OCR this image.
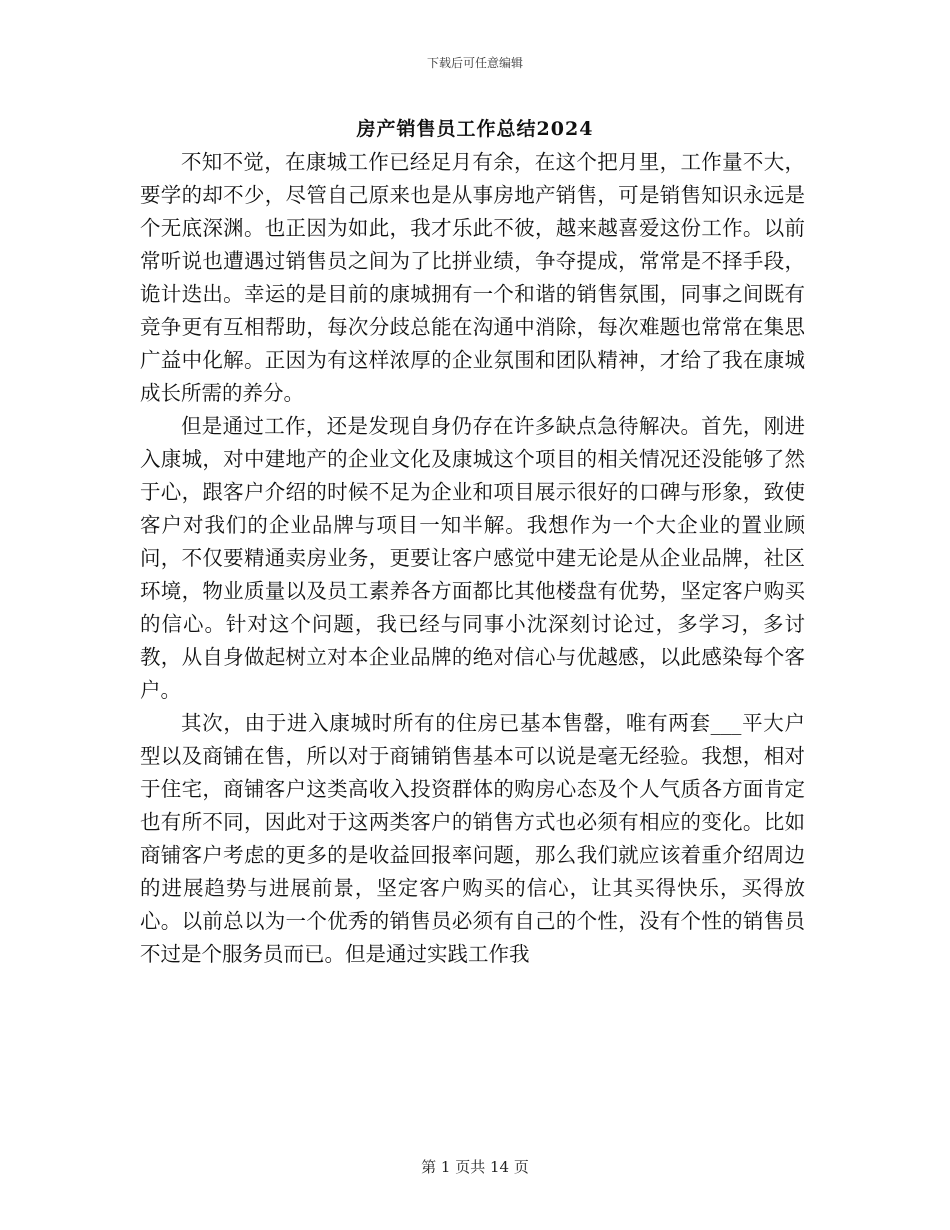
下载后可任意编辑
房产销售员工作总结2024

不知不觉，在康城工作已经足月有余，在这个把月里，工作量不大，要学的却不少，尽管自己原来也是从事房地产销售，可是销售知识永远是个无底深渊。也正因为如此，我才乐此不彼，越来越喜爱这份工作。以前常听说也遭遇过销售员之间为了比拼业绩，争夺提成，常常是不择手段，诡计迭出。幸运的是目前的康城拥有一个和谐的销售氛围，同事之间既有竞争更有互相帮助，每次分歧总能在沟通中消除，每次难题也常常在集思广益中化解。正因为有这样浓厚的企业氛围和团队精神，才给了我在康城成长所需的养分。

但是通过工作，还是发现自身仍存在许多缺点急待解决。首先，刚进入康城，对中建地产的企业文化及康城这个项目的相关情况还没能够了然于心，跟客户介绍的时候不足为企业和项目展示很好的口碑与形象，致使客户对我们的企业品牌与项目一知半解。我想作为一个大企业的置业顾问，不仅要精通卖房业务，更要让客户感觉中建无论是从企业品牌，社区环境，物业质量以及员工素养各方面都比其他楼盘有优势，坚定客户购买的信心。针对这个问题，我已经与同事小沈深刻讨论过，多学习，多讨教，从自身做起树立对本企业品牌的绝对信心与优越感，以此感染每个客户。

其次，由于进入康城时所有的住房已基本售罄，唯有两套___平大户型以及商铺在售，所以对于商铺销售基本可以说是毫无经验。我想，相对于住宅，商铺客户这类高收入投资群体的购房心态及个人气质各方面肯定也有所不同，因此对于这两类客户的销售方式也必须有相应的变化。比如商铺客户考虑的更多的是收益回报率问题，那么我们就应该着重介绍周边的进展趋势与进展前景，坚定客户购买的信心，让其买得快乐，买得放心。以前总以为一个优秀的销售员必须有自己的个性，没有个性的销售员不过是个服务员而已。但是通过实践工作我

第 1 页共 14 页
